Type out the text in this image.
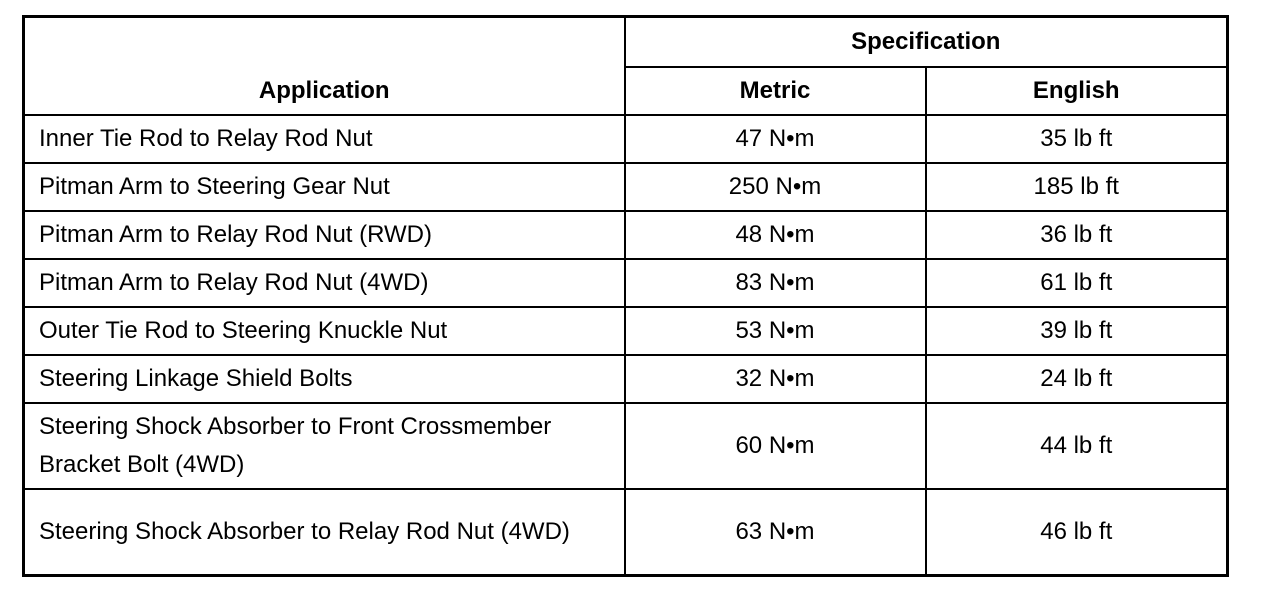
Application	Specification	
	Metric	English
Inner Tie Rod to Relay Rod Nut	47 N•m	35 lb ft
Pitman Arm to Steering Gear Nut	250 N•m	185 lb ft
Pitman Arm to Relay Rod Nut (RWD)	48 N•m	36 lb ft
Pitman Arm to Relay Rod Nut (4WD)	83 N•m	61 lb ft
Outer Tie Rod to Steering Knuckle Nut	53 N•m	39 lb ft
Steering Linkage Shield Bolts	32 N•m	24 lb ft
Steering Shock Absorber to Front Crossmember Bracket Bolt (4WD)	60 N•m	44 lb ft
Steering Shock Absorber to Relay Rod Nut (4WD)	63 N•m	46 lb ft
